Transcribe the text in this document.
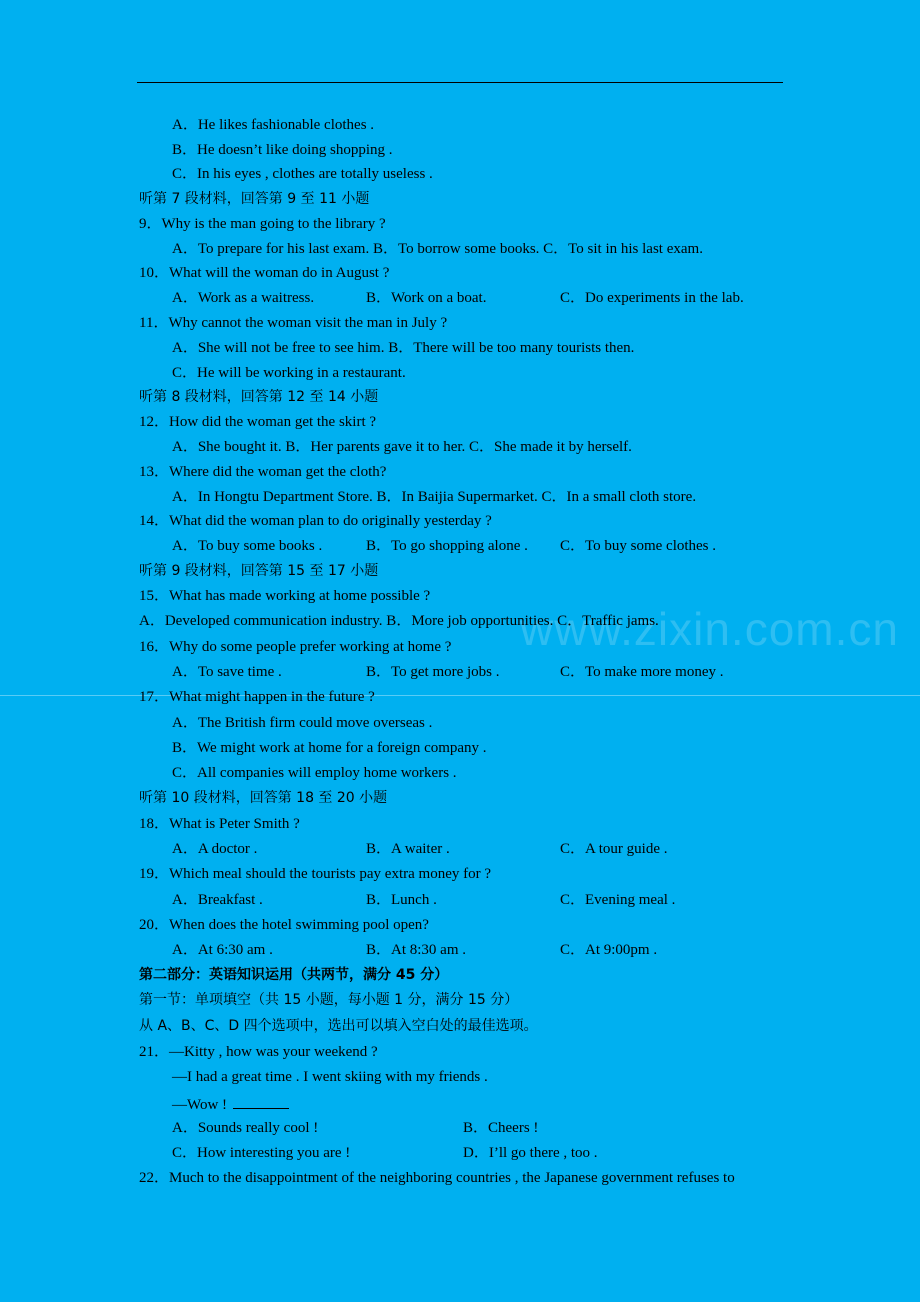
www.zixin.com.cn
A．He likes fashionable clothes .
B．He doesn’t like doing shopping .
C．In his eyes , clothes are totally useless .
听第 7 段材料，回答第 9 至 11 小题
9．Why is the man going to the library ?
A．To prepare for his last exam. B．To borrow some books. C．To sit in his last exam.
10．What will the woman do in August ?
A．Work as a waitress.	B．Work on a boat.	C．Do experiments in the lab.
11．Why cannot the woman visit the man in July ?
A．She will not be free to see him. B．There will be too many tourists then.
C．He will be working in a restaurant.
听第 8 段材料，回答第 12 至 14 小题
12．How did the woman get the skirt ?
A．She bought it. B．Her parents gave it to her. C．She made it by herself.
13．Where did the woman get the cloth?
A．In Hongtu Department Store. B．In Baijia Supermarket. C．In a small cloth store.
14．What did the woman plan to do originally yesterday ?
A．To buy some books .	B．To go shopping alone . C．To buy some clothes .
听第 9 段材料，回答第 15 至 17 小题
15．What has made working at home possible ?
A．Developed communication industry. B．More job opportunities. C．Traffic jams.
16．Why do some people prefer working at home ?
A．To save time .	B．To get more jobs .	C．To make more money .
17．What might happen in the future ?
A．The British firm could move overseas .
B．We might work at home for a foreign company .
C．All companies will employ home workers .
听第 10 段材料，回答第 18 至 20 小题
18．What is Peter Smith ?
A．A doctor .	B．A waiter .	C．A tour guide .
19．Which meal should the tourists pay extra money for ?
A．Breakfast .	B．Lunch .	C．Evening meal .
20．When does the hotel swimming pool open?
A．At 6:30 am .	B．At 8:30 am .	C．At 9:00pm .
第二部分：英语知识运用（共两节，满分 45 分）
第一节：单项填空（共 15 小题，每小题 1 分，满分 15 分）
从 A、B、C、D 四个选项中，选出可以填入空白处的最佳选项。
21．—Kitty , how was your weekend ?
—I had a great time . I went skiing with my friends .
—Wow !
A．Sounds really cool !	B．Cheers !
C．How interesting you are !	D．I’ll go there , too .
22．Much to the disappointment of the neighboring countries , the Japanese government refuses to
